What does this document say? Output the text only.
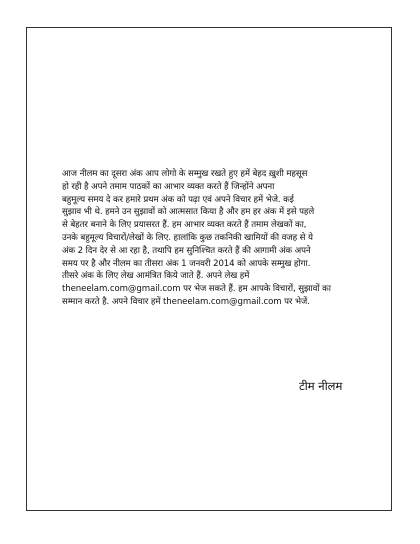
आज नीलम का दूसरा अंक आप लोगो के सम्मुख रखते हुए हमें बेहद ख़ुशी महसूस
हो रही है अपने तमाम पाठकों का आभार व्यक्त करते हैं जिन्होंने अपना
बहुमूल्य समय दे कर हमारे प्रथम अंक को पढ़ा एवं अपने विचार हमें भेजे. कई
सुझाव भी थे. हमने उन सुझावों को आत्मसात किया है और हम हर अंक में इसे पहले
से बेहतर बनाने के लिए प्रयासरत हैं. हम आभार व्यक्त करते हैं तमाम लेखकों का,
उनके बहुमूल्य विचारों/लेखों के लिए. हालांकि कुछ तकनिकी खामियों की वजह से ये
अंक 2 दिन देर से आ रहा है, तथापि हम सुनिश्चित करते हैं की आगामी अंक अपने
समय पर है और नीलम का तीसरा अंक 1 जनवरी 2014 को आपके सम्मुख होगा.
तीसरे अंक के लिए लेख आमंत्रित किये जाते हैं. अपने लेख हमें
theneelam.com@gmail.com पर भेज सकते हैं. हम आपके विचारों, सुझावों का
सम्मान करते है. अपने विचार हमें theneelam.com@gmail.com पर भेजें.
टीम नीलम
